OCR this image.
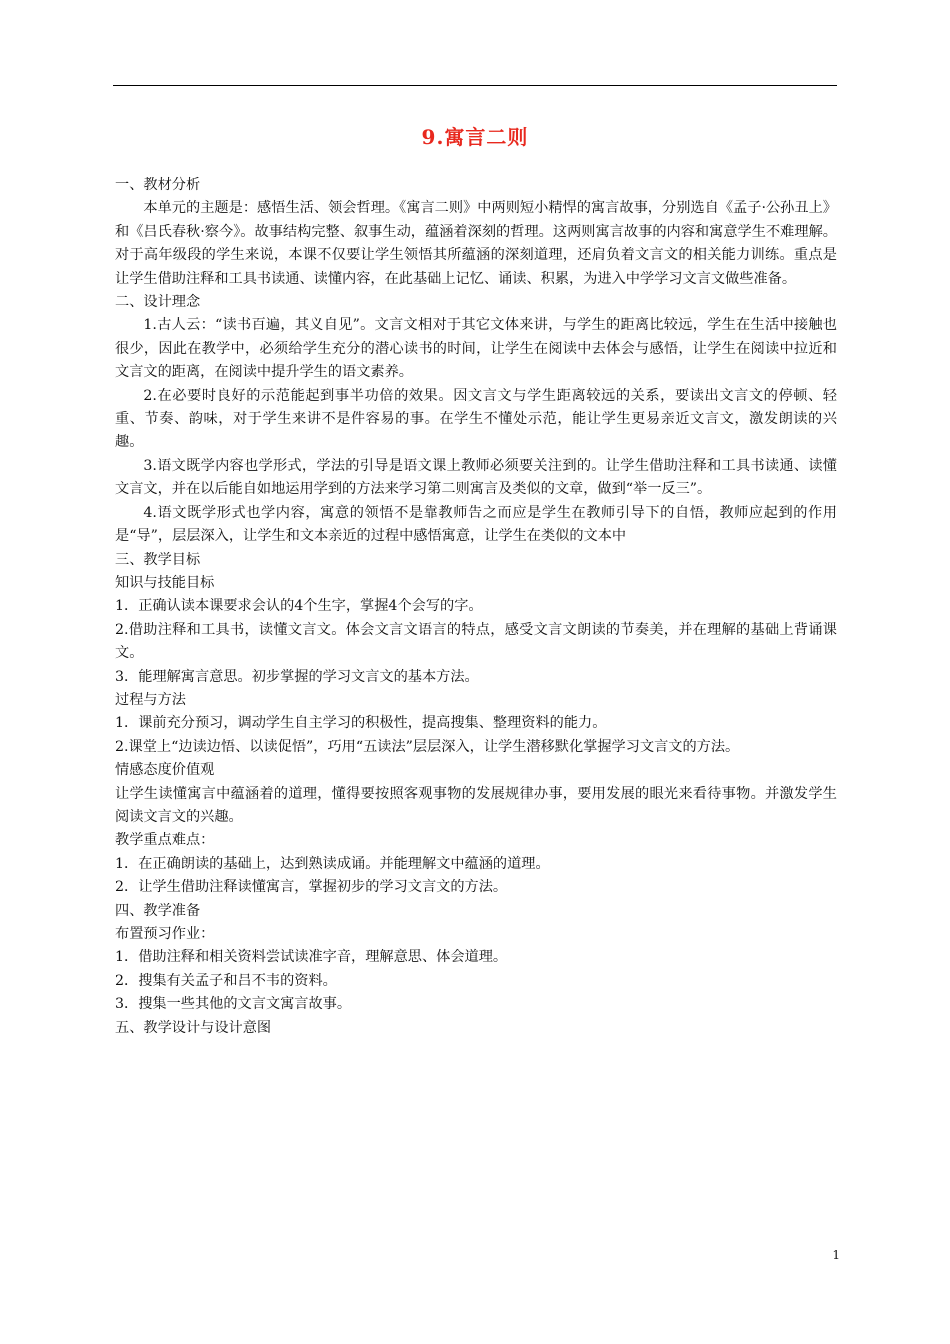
9.寓言二则

一、教材分析

本单元的主题是：感悟生活、领会哲理。《寓言二则》中两则短小精悍的寓言故事，分别选自《孟子·公孙丑上》和《吕氏春秋·察今》。故事结构完整、叙事生动，蕴涵着深刻的哲理。这两则寓言故事的内容和寓意学生不难理解。对于高年级段的学生来说，本课不仅要让学生领悟其所蕴涵的深刻道理，还肩负着文言文的相关能力训练。重点是让学生借助注释和工具书读通、读懂内容，在此基础上记忆、诵读、积累，为进入中学学习文言文做些准备。

二、设计理念

1.古人云：“读书百遍，其义自见”。文言文相对于其它文体来讲，与学生的距离比较远，学生在生活中接触也很少，因此在教学中，必须给学生充分的潜心读书的时间，让学生在阅读中去体会与感悟，让学生在阅读中拉近和文言文的距离，在阅读中提升学生的语文素养。

2.在必要时良好的示范能起到事半功倍的效果。因文言文与学生距离较远的关系，要读出文言文的停顿、轻重、节奏、韵味，对于学生来讲不是件容易的事。在学生不懂处示范，能让学生更易亲近文言文，激发朗读的兴趣。

3.语文既学内容也学形式，学法的引导是语文课上教师必须要关注到的。让学生借助注释和工具书读通、读懂文言文，并在以后能自如地运用学到的方法来学习第二则寓言及类似的文章，做到“举一反三”。

4.语文既学形式也学内容，寓意的领悟不是靠教师告之而应是学生在教师引导下的自悟，教师应起到的作用是“导”，层层深入，让学生和文本亲近的过程中感悟寓意，让学生在类似的文本中

三、教学目标

知识与技能目标

1．正确认读本课要求会认的4个生字，掌握4个会写的字。

2.借助注释和工具书，读懂文言文。体会文言文语言的特点，感受文言文朗读的节奏美，并在理解的基础上背诵课文。

3．能理解寓言意思。初步掌握的学习文言文的基本方法。

过程与方法

1．课前充分预习，调动学生自主学习的积极性，提高搜集、整理资料的能力。

2.课堂上“边读边悟、以读促悟”，巧用“五读法”层层深入，让学生潜移默化掌握学习文言文的方法。

情感态度价值观

让学生读懂寓言中蕴涵着的道理，懂得要按照客观事物的发展规律办事，要用发展的眼光来看待事物。并激发学生阅读文言文的兴趣。

教学重点难点：

1．在正确朗读的基础上，达到熟读成诵。并能理解文中蕴涵的道理。

2．让学生借助注释读懂寓言，掌握初步的学习文言文的方法。

四、教学准备

布置预习作业：

1．借助注释和相关资料尝试读准字音，理解意思、体会道理。

2．搜集有关孟子和吕不韦的资料。

3．搜集一些其他的文言文寓言故事。

五、教学设计与设计意图

1
